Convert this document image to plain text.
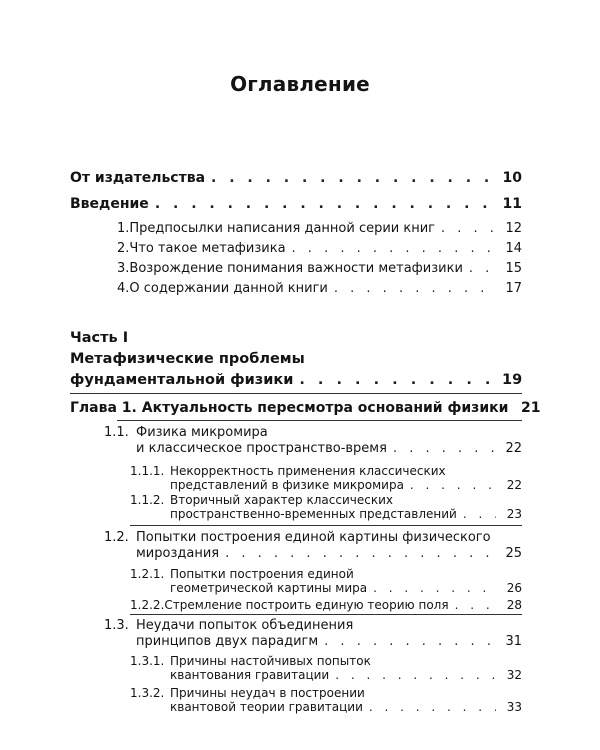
Оглавление
От издательства . . .	10
Введение . . .	11
1. Предпосылки написания данной серии книг . . .	12
2. Что такое метафизика . . .	14
3. Возрождение понимания важности метафизики . . .	15
4. О содержании данной книги . . .	17
Часть I
Метафизические проблемы
фундаментальной физики . . .	19
Глава 1. Актуальность пересмотра оснований физики 21
1.1. Физика микромира
и классическое пространство-время . . .	22
1.1.1. Некорректность применения классических
представлений в физике микромира . . .	22
1.1.2. Вторичный характер классических
пространственно-временных представлений . . .	23
1.2. Попытки построения единой картины физического
мироздания . . .	25
1.2.1. Попытки построения единой
геометрической картины мира . . .	26
1.2.2. Стремление построить единую теорию поля . . .	28
1.3. Неудачи попыток объединения
принципов двух парадигм . . .	31
1.3.1. Причины настойчивых попыток
квантования гравитации . . .	32
1.3.2. Причины неудач в построении
квантовой теории гравитации . . .	33
